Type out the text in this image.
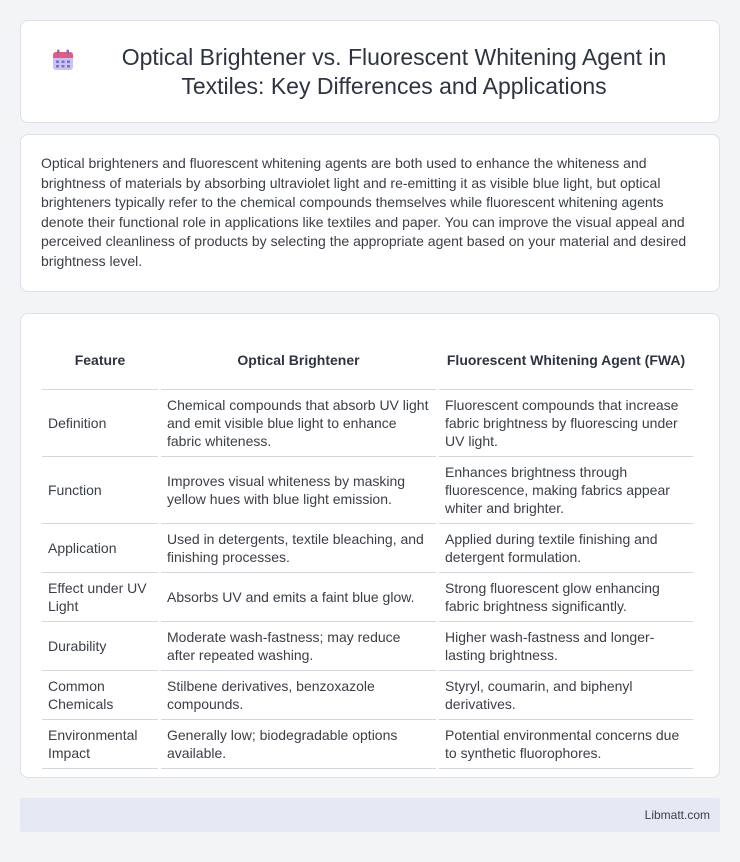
Optical Brightener vs. Fluorescent Whitening Agent in Textiles: Key Differences and Applications

Optical brighteners and fluorescent whitening agents are both used to enhance the whiteness and brightness of materials by absorbing ultraviolet light and re-emitting it as visible blue light, but optical brighteners typically refer to the chemical compounds themselves while fluorescent whitening agents denote their functional role in applications like textiles and paper. You can improve the visual appeal and perceived cleanliness of products by selecting the appropriate agent based on your material and desired brightness level.

Feature	Optical Brightener	Fluorescent Whitening Agent (FWA)
Definition	Chemical compounds that absorb UV light and emit visible blue light to enhance fabric whiteness.	Fluorescent compounds that increase fabric brightness by fluorescing under UV light.
Function	Improves visual whiteness by masking yellow hues with blue light emission.	Enhances brightness through fluorescence, making fabrics appear whiter and brighter.
Application	Used in detergents, textile bleaching, and finishing processes.	Applied during textile finishing and detergent formulation.
Effect under UV Light	Absorbs UV and emits a faint blue glow.	Strong fluorescent glow enhancing fabric brightness significantly.
Durability	Moderate wash-fastness; may reduce after repeated washing.	Higher wash-fastness and longer-lasting brightness.
Common Chemicals	Stilbene derivatives, benzoxazole compounds.	Styryl, coumarin, and biphenyl derivatives.
Environmental Impact	Generally low; biodegradable options available.	Potential environmental concerns due to synthetic fluorophores.
Libmatt.com
